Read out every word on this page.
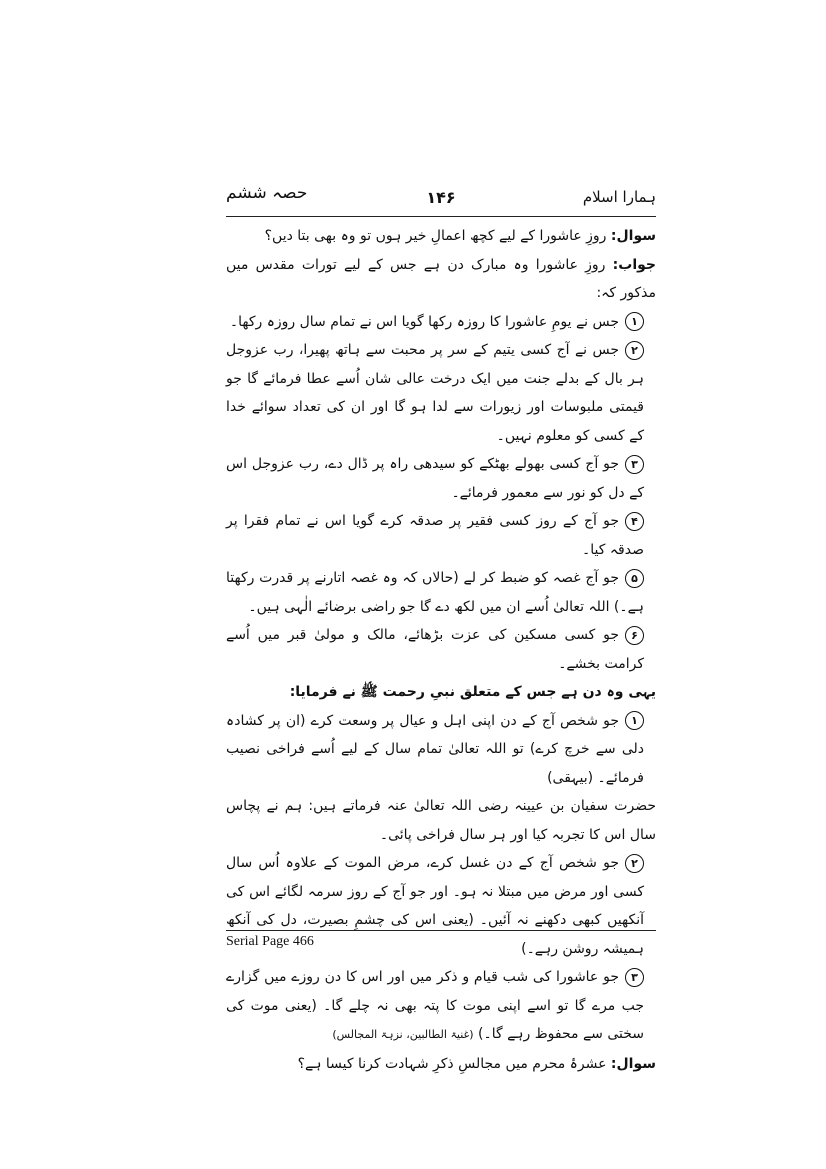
ہمارا اسلام
۱۴۶
حصہ ششم

سوال: روزِ عاشورا کے لیے کچھ اعمالِ خیر ہوں تو وہ بھی بتا دیں؟

جواب: روزِ عاشورا وہ مبارک دن ہے جس کے لیے تورات مقدس میں مذکور کہ:

۱جس نے یومِ عاشورا کا روزہ رکھا گویا اس نے تمام سال روزہ رکھا۔

۲جس نے آج کسی یتیم کے سر پر محبت سے ہاتھ پھیرا، رب عزوجل ہر بال کے بدلے جنت میں ایک درخت عالی شان اُسے عطا فرمائے گا جو قیمتی ملبوسات اور زیورات سے لدا ہو گا اور ان کی تعداد سوائے خدا کے کسی کو معلوم نہیں۔

۳جو آج کسی بھولے بھٹکے کو سیدھی راہ پر ڈال دے، رب عزوجل اس کے دل کو نور سے معمور فرمائے۔

۴جو آج کے روز کسی فقیر پر صدقہ کرے گویا اس نے تمام فقرا پر صدقہ کیا۔

۵جو آج غصہ کو ضبط کر لے (حالاں کہ وہ غصہ اتارنے پر قدرت رکھتا ہے۔) اللہ تعالیٰ اُسے ان میں لکھ دے گا جو راضی برضائے الٰہی ہیں۔

۶جو کسی مسکین کی عزت بڑھائے، مالک و مولیٰ قبر میں اُسے کرامت بخشے۔

یہی وہ دن ہے جس کے متعلق نبیِ رحمت ﷺ نے فرمایا:

۱جو شخص آج کے دن اپنی اہل و عیال پر وسعت کرے (ان پر کشادہ دلی سے خرچ کرے) تو اللہ تعالیٰ تمام سال کے لیے اُسے فراخی نصیب فرمائے۔ (بیہقی)

حضرت سفیان بن عیینہ رضی اللہ تعالیٰ عنہ فرماتے ہیں: ہم نے پچاس سال اس کا تجربہ کیا اور ہر سال فراخی پائی۔

۲جو شخص آج کے دن غسل کرے، مرض الموت کے علاوہ اُس سال کسی اور مرض میں مبتلا نہ ہو۔ اور جو آج کے روز سرمہ لگائے اس کی آنکھیں کبھی دکھنے نہ آئیں۔ (یعنی اس کی چشمِ بصیرت، دل کی آنکھ ہمیشہ روشن رہے۔)

۳جو عاشورا کی شب قیام و ذکر میں اور اس کا دن روزے میں گزارے جب مرے گا تو اسے اپنی موت کا پتہ بھی نہ چلے گا۔ (یعنی موت کی سختی سے محفوظ رہے گا۔) (غنیۃ الطالبین، نزہۃ المجالس)

سوال: عشرۂ محرم میں مجالسِ ذکرِ شہادت کرنا کیسا ہے؟

Serial Page 466
